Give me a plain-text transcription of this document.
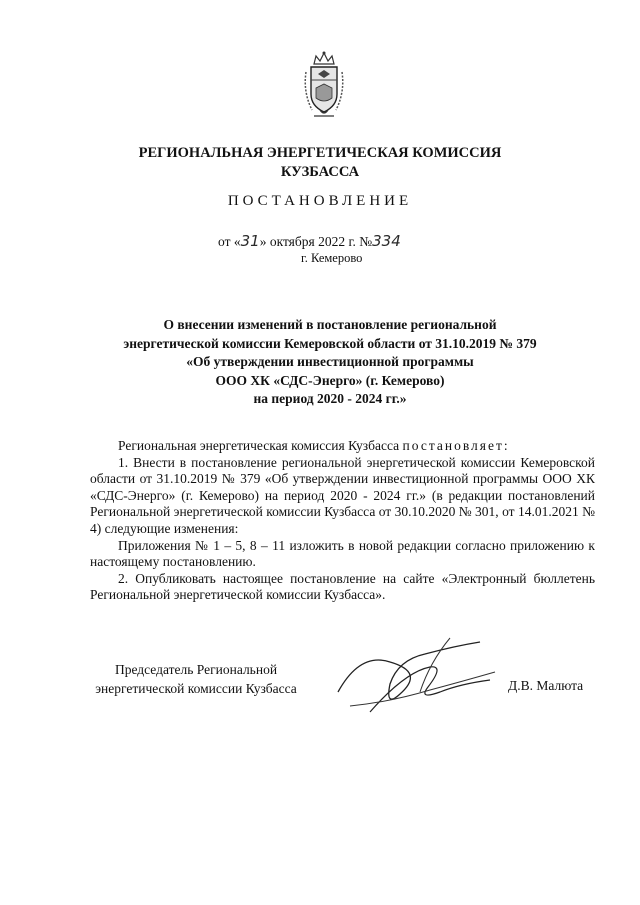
РЕГИОНАЛЬНАЯ ЭНЕРГЕТИЧЕСКАЯ КОМИССИЯ
КУЗБАССА
ПОСТАНОВЛЕНИЕ
от «31» октября 2022 г. №334
г. Кемерово
О внесении изменений в постановление региональной
энергетической комиссии Кемеровской области от 31.10.2019 № 379
«Об утверждении инвестиционной программы
ООО ХК «СДС-Энерго» (г. Кемерово)
на период 2020 - 2024 гг.»

Региональная энергетическая комиссия Кузбасса постановляет:

1. Внести в постановление региональной энергетической комиссии Кемеровской области от 31.10.2019 № 379 «Об утверждении инвестиционной программы ООО ХК «СДС-Энерго» (г. Кемерово) на период 2020 - 2024 гг.» (в редакции постановлений Региональной энергетической комиссии Кузбасса от 30.10.2020 № 301, от 14.01.2021 № 4) следующие изменения:

Приложения № 1 – 5, 8 – 11 изложить в новой редакции согласно приложению к настоящему постановлению.

2. Опубликовать настоящее постановление на сайте «Электронный бюллетень Региональной энергетической комиссии Кузбасса».

Председатель Региональной
энергетической комиссии Кузбасса	Д.В. Малюта
